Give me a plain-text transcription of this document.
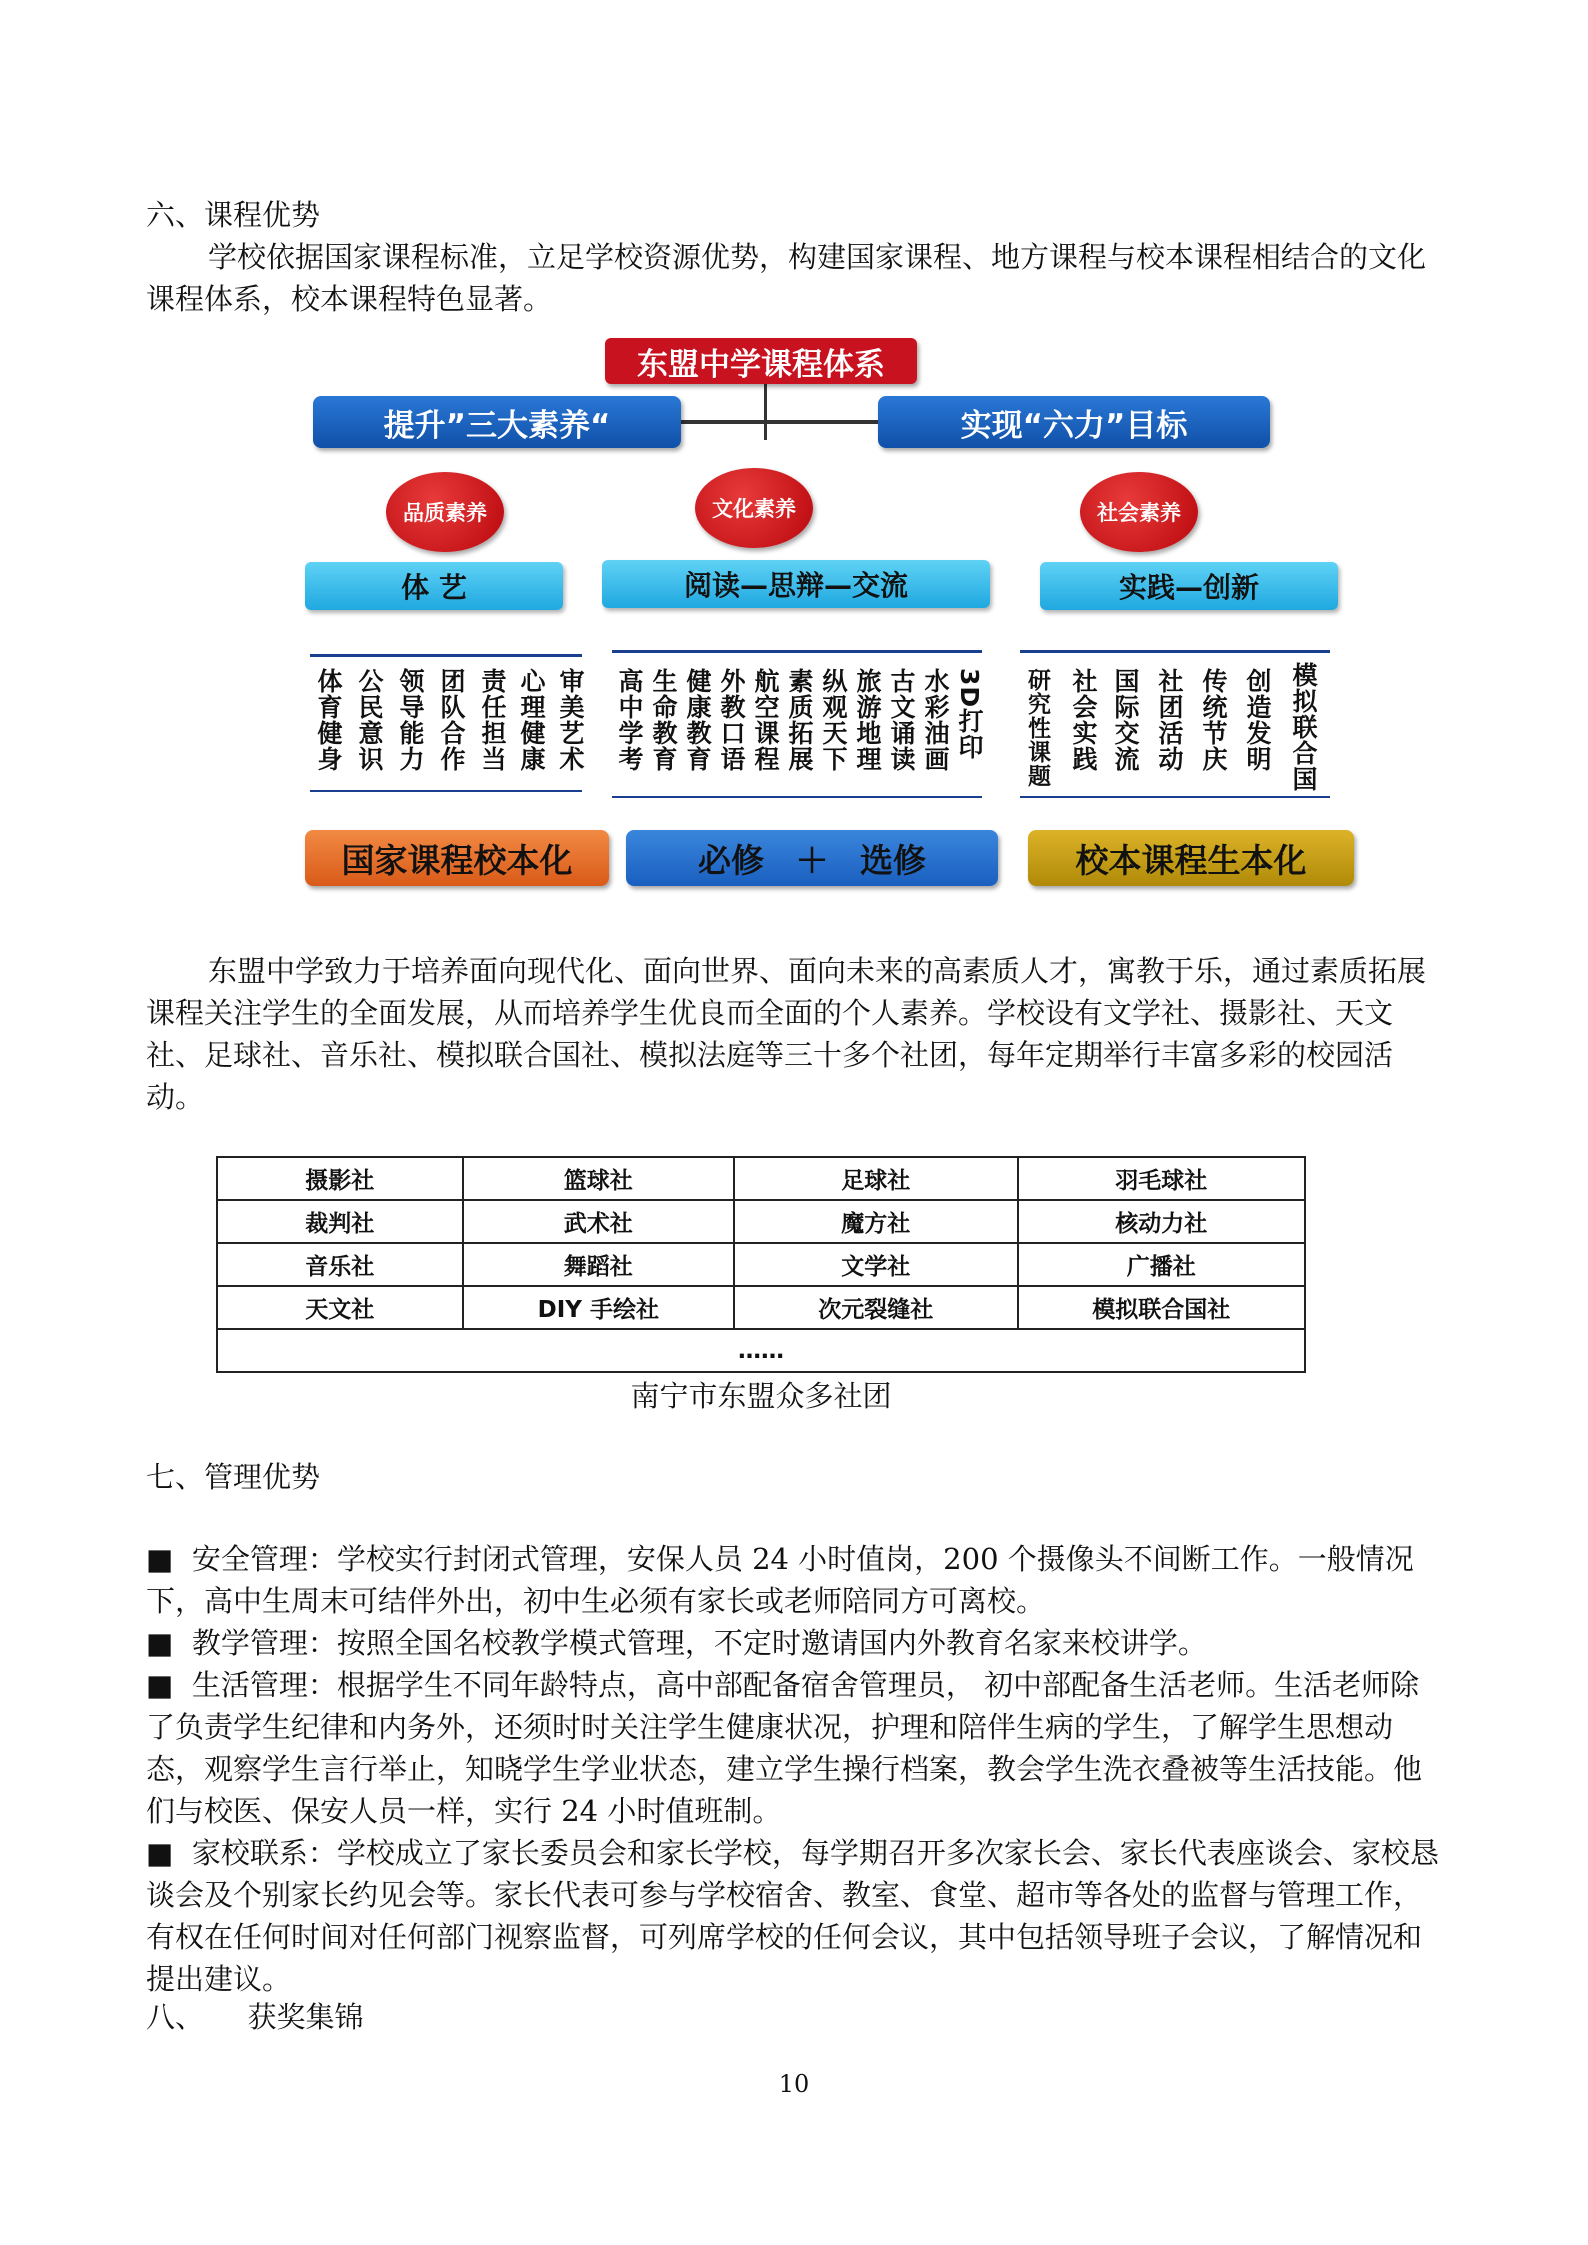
六、课程优势

学校依据国家课程标准，立足学校资源优势，构建国家课程、地方课程与校本课程相结合的文化课程体系，校本课程特色显著。

东盟中学课程体系
提升”三大素养“	实现“六力”目标
品质素养	文化素养	社会素养
体 艺	阅读—思辩—交流	实践—创新
体育健身 公民意识 领导能力 团队合作 责任担当 心理健康 审美艺术 高中学考 生命教育 健康教育 外教口语 航空课程 素质拓展 纵观天下 旅游地理 古文诵读 水彩油画 3D打印 研究性课题 社会实践 国际交流 社团活动 传统节庆 创造发明 模拟联合国
国家课程校本化	必修 ＋ 选修	校本课程生本化

东盟中学致力于培养面向现代化、面向世界、面向未来的高素质人才，寓教于乐，通过素质拓展课程关注学生的全面发展，从而培养学生优良而全面的个人素养。学校设有文学社、摄影社、天文社、足球社、音乐社、模拟联合国社、模拟法庭等三十多个社团，每年定期举行丰富多彩的校园活动。

摄影社	篮球社	足球社	羽毛球社
裁判社	武术社	魔方社	核动力社
音乐社	舞蹈社	文学社	广播社
天文社	DIY 手绘社	次元裂缝社	模拟联合国社
……			
南宁市东盟众多社团

七、管理优势

■ 安全管理：学校实行封闭式管理，安保人员 24 小时值岗，200 个摄像头不间断工作。一般情况下，高中生周末可结伴外出，初中生必须有家长或老师陪同方可离校。

■ 教学管理：按照全国名校教学模式管理，不定时邀请国内外教育名家来校讲学。

■ 生活管理：根据学生不同年龄特点，高中部配备宿舍管理员， 初中部配备生活老师。生活老师除了负责学生纪律和内务外，还须时时关注学生健康状况，护理和陪伴生病的学生，了解学生思想动态，观察学生言行举止，知晓学生学业状态，建立学生操行档案，教会学生洗衣叠被等生活技能。他们与校医、保安人员一样，实行 24 小时值班制。

■ 家校联系：学校成立了家长委员会和家长学校，每学期召开多次家长会、家长代表座谈会、家校恳谈会及个别家长约见会等。家长代表可参与学校宿舍、教室、食堂、超市等各处的监督与管理工作，有权在任何时间对任何部门视察监督，可列席学校的任何会议，其中包括领导班子会议，了解情况和提出建议。

八、　　获奖集锦

10
